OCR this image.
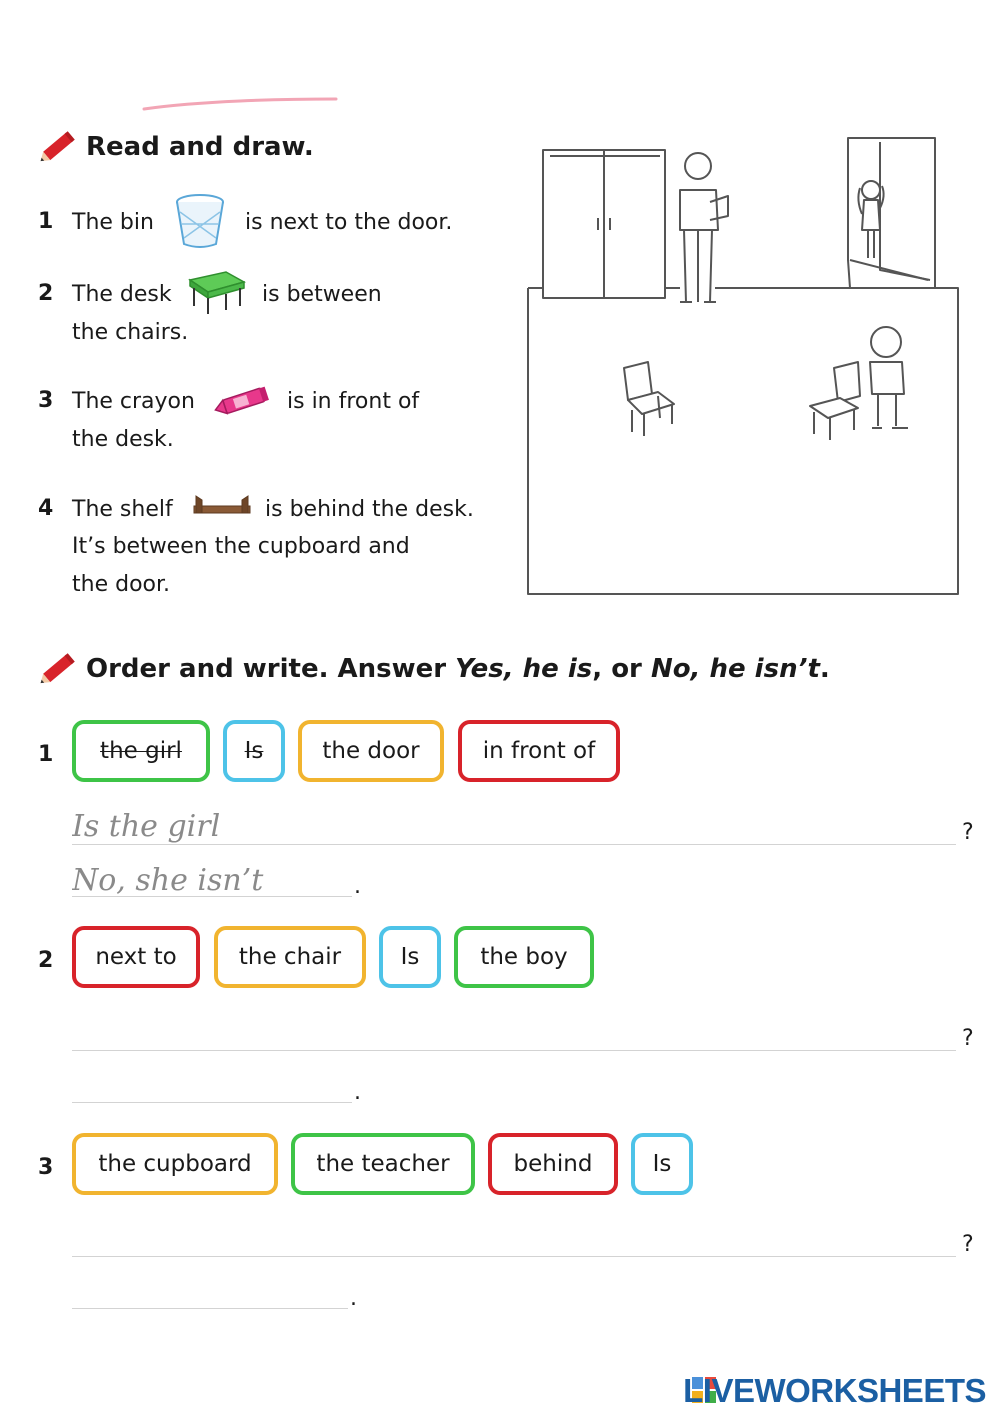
Read and draw.
1 The bin	is next to the door.
2 The desk	is between
the chairs.
3 The crayon	is in front of
the desk.
4 The shelf	is behind the desk.
It’s between the cupboard and
the door.
Order and write. Answer Yes, he is, or No, he isn’t.
1	the girl	Is	the door	in front of
Is the girl
?
No, she isn’t
.
2	next to	the chair	Is	the boy
?
.
3	the cupboard	the teacher	behind	Is
?
.
LIVEWORKSHEETS
